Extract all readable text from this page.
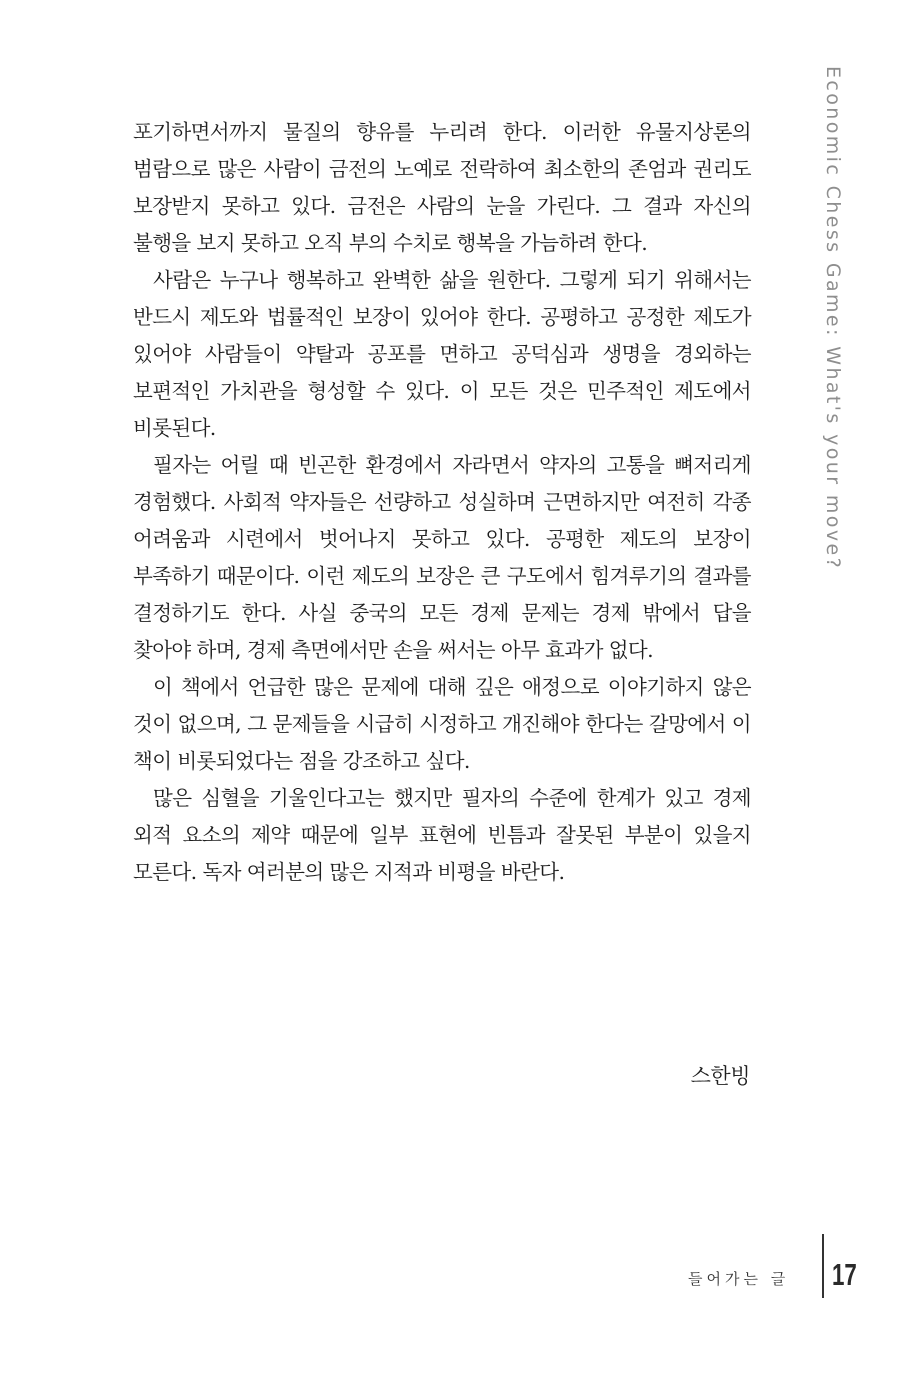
Economic Chess Game: What's your move?

포기하면서까지 물질의 향유를 누리려 한다. 이러한 유물지상론의 범람으로 많은 사람이 금전의 노예로 전락하여 최소한의 존엄과 권리도 보장받지 못하고 있다. 금전은 사람의 눈을 가린다. 그 결과 자신의 불행을 보지 못하고 오직 부의 수치로 행복을 가늠하려 한다.

사람은 누구나 행복하고 완벽한 삶을 원한다. 그렇게 되기 위해서는 반드시 제도와 법률적인 보장이 있어야 한다. 공평하고 공정한 제도가 있어야 사람들이 약탈과 공포를 면하고 공덕심과 생명을 경외하는 보편적인 가치관을 형성할 수 있다. 이 모든 것은 민주적인 제도에서 비롯된다.

필자는 어릴 때 빈곤한 환경에서 자라면서 약자의 고통을 뼈저리게 경험했다. 사회적 약자들은 선량하고 성실하며 근면하지만 여전히 각종 어려움과 시련에서 벗어나지 못하고 있다. 공평한 제도의 보장이 부족하기 때문이다. 이런 제도의 보장은 큰 구도에서 힘겨루기의 결과를 결정하기도 한다. 사실 중국의 모든 경제 문제는 경제 밖에서 답을 찾아야 하며, 경제 측면에서만 손을 써서는 아무 효과가 없다.

이 책에서 언급한 많은 문제에 대해 깊은 애정으로 이야기하지 않은 것이 없으며, 그 문제들을 시급히 시정하고 개진해야 한다는 갈망에서 이 책이 비롯되었다는 점을 강조하고 싶다.

많은 심혈을 기울인다고는 했지만 필자의 수준에 한계가 있고 경제 외적 요소의 제약 때문에 일부 표현에 빈틈과 잘못된 부분이 있을지 모른다. 독자 여러분의 많은 지적과 비평을 바란다.

스한빙
들어가는 글 17
